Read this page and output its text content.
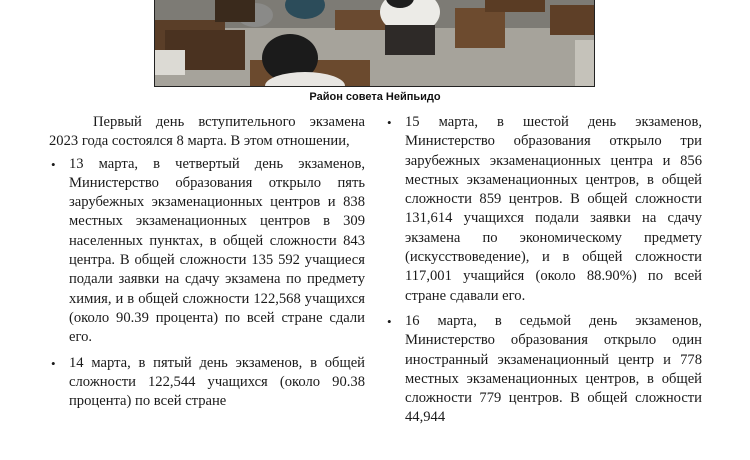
Район совета Нейпьидо

Первый день вступительного экзамена 2023 года состоялся 8 марта. В этом отношении,

• 13 марта, в четвертый день экзаменов, Министерство образования открыло пять зарубежных экзаменационных центров и 838 местных экзаменационных центров в 309 населенных пунктах, в общей сложности 843 центра. В общей сложности 135 592 учащиеся подали заявки на сдачу экзамена по предмету химия, и в общей сложности 122,568 учащихся (около 90.39 процента) по всей стране сдали его.
• 14 марта, в пятый день экзаменов, в общей сложности 122,544 учащихся (около 90.38 процента) по всей стране
• 15 марта, в шестой день экзаменов, Министерство образования открыло три зарубежных экзаменационных центра и 856 местных экзаменационных центров, в общей сложности 859 центров. В общей сложности 131,614 учащихся подали заявки на сдачу экзамена по экономическому предмету (искусствоведение), и в общей сложности 117,001 учащийся (около 88.90%) по всей стране сдавали его.
• 16 марта, в седьмой день экзаменов, Министерство образования открыло один иностранный экзаменационный центр и 778 местных экзаменационных центров, в общей сложности 779 центров. В общей сложности 44,944
